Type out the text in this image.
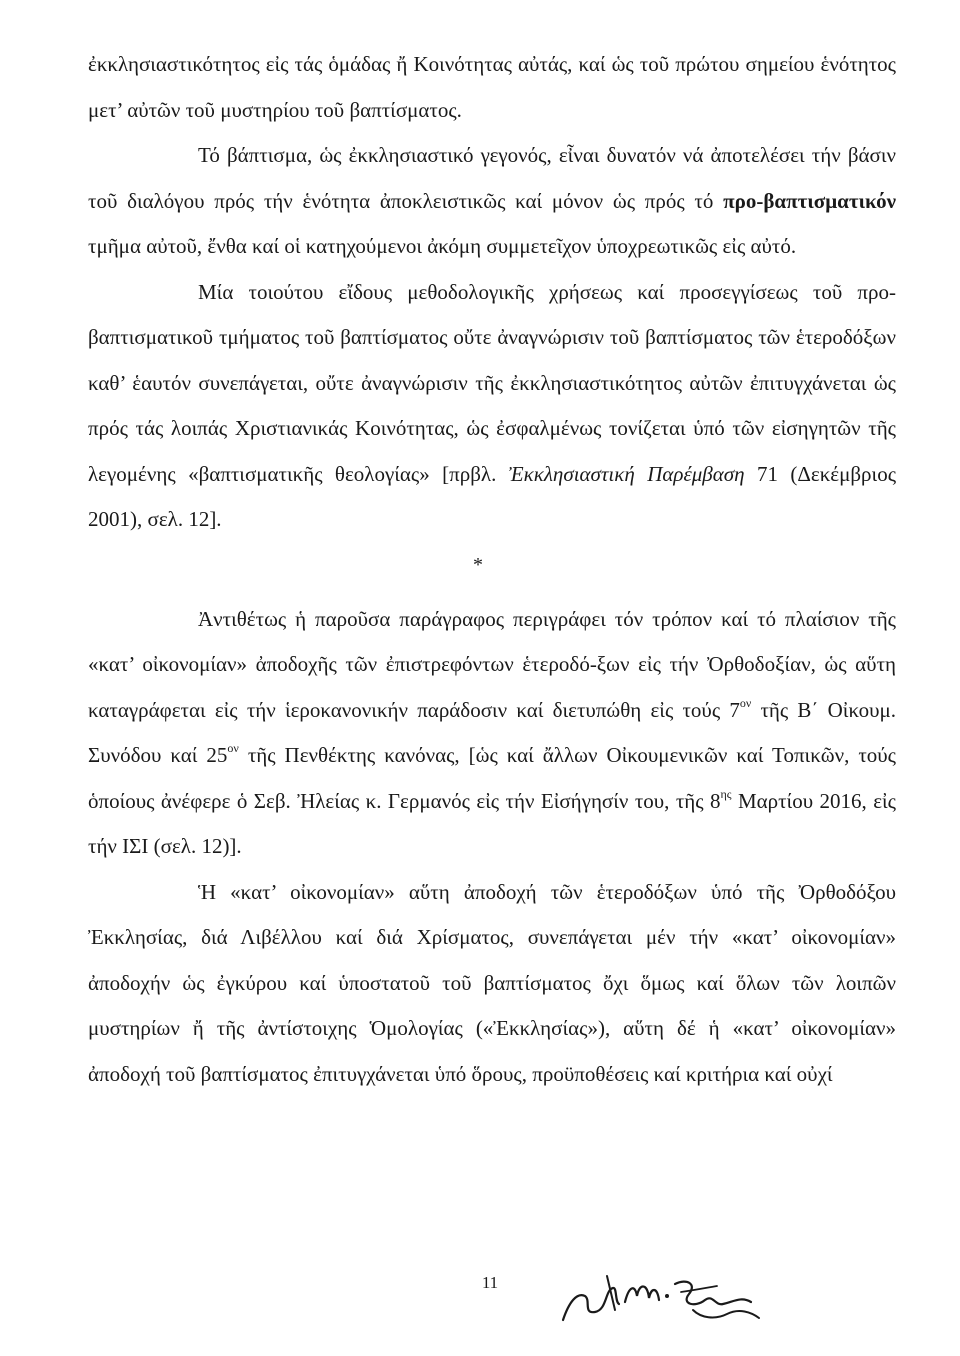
ἐκκλησιαστικότητος εἰς τάς ὁμάδας ἤ Κοινότητας αὐτάς, καί ὡς τοῦ πρώτου σημείου ἑνότητος μετ’ αὐτῶν τοῦ μυστηρίου τοῦ βαπτίσματος.

Τό βάπτισμα, ὡς ἐκκλησιαστικό γεγονός, εἶναι δυνατόν νά ἀποτελέσει τήν βάσιν τοῦ διαλόγου πρός τήν ἑνότητα ἀποκλειστικῶς καί μόνον ὡς πρός τό προ-βαπτισματικόν τμῆμα αὐτοῦ, ἔνθα καί οἱ κατηχούμενοι ἀκόμη συμμετεῖχον ὑποχρεωτικῶς εἰς αὐτό.

Μία τοιούτου εἴδους μεθοδολογικῆς χρήσεως καί προσεγγίσεως τοῦ προ-βαπτισματικοῦ τμήματος τοῦ βαπτίσματος οὔτε ἀναγνώρισιν τοῦ βαπτίσματος τῶν ἑτεροδόξων καθ’ ἑαυτόν συνεπάγεται, οὔτε ἀναγνώρισιν τῆς ἐκκλησιαστικότητος αὐτῶν ἐπιτυγχάνεται ὡς πρός τάς λοιπάς Χριστιανικάς Κοινότητας, ὡς ἐσφαλμένως τονίζεται ὑπό τῶν εἰσηγητῶν τῆς λεγομένης «βαπτισματικῆς θεολογίας» [πρβλ. Ἐκκλησιαστική Παρέμβαση 71 (Δεκέμβριος 2001), σελ. 12].

*

Ἀντιθέτως ἡ παροῦσα παράγραφος περιγράφει τόν τρόπον καί τό πλαίσιον τῆς «κατ’ οἰκονομίαν» ἀποδοχῆς τῶν ἐπιστρεφόντων ἑτεροδό-ξων εἰς τήν Ὀρθοδοξίαν, ὡς αὕτη καταγράφεται εἰς τήν ἱεροκανονικήν παράδοσιν καί διετυπώθη εἰς τούς $7^{o\nu}$ τῆς Β΄ Οἰκουμ. Συνόδου καί $25^{o\nu}$ τῆς Πενθέκτης κανόνας, [ὡς καί ἄλλων Οἰκουμενικῶν καί Τοπικῶν, τούς ὁποίους ἀνέφερε ὁ Σεβ. Ἠλείας κ. Γερμανός εἰς τήν Εἰσήγησίν του, τῆς $8^{\eta\varsigma}$ Μαρτίου 2016, εἰς τήν ΙΣΙ (σελ. 12)].

Ἡ «κατ’ οἰκονομίαν» αὕτη ἀποδοχή τῶν ἑτεροδόξων ὑπό τῆς Ὀρθοδόξου Ἐκκλησίας, διά Λιβέλλου καί διά Χρίσματος, συνεπάγεται μέν τήν «κατ’ οἰκονομίαν» ἀποδοχήν ὡς ἐγκύρου καί ὑποστατοῦ τοῦ βαπτίσματος ὄχι ὅμως καί ὅλων τῶν λοιπῶν μυστηρίων ἤ τῆς ἀντίστοιχης Ὁμολογίας («Ἐκκλησίας»), αὕτη δέ ἡ «κατ’ οἰκονομίαν» ἀποδοχή τοῦ βαπτίσματος ἐπιτυγχάνεται ὑπό ὅρους, προϋποθέσεις καί κριτήρια καί οὐχί

11
